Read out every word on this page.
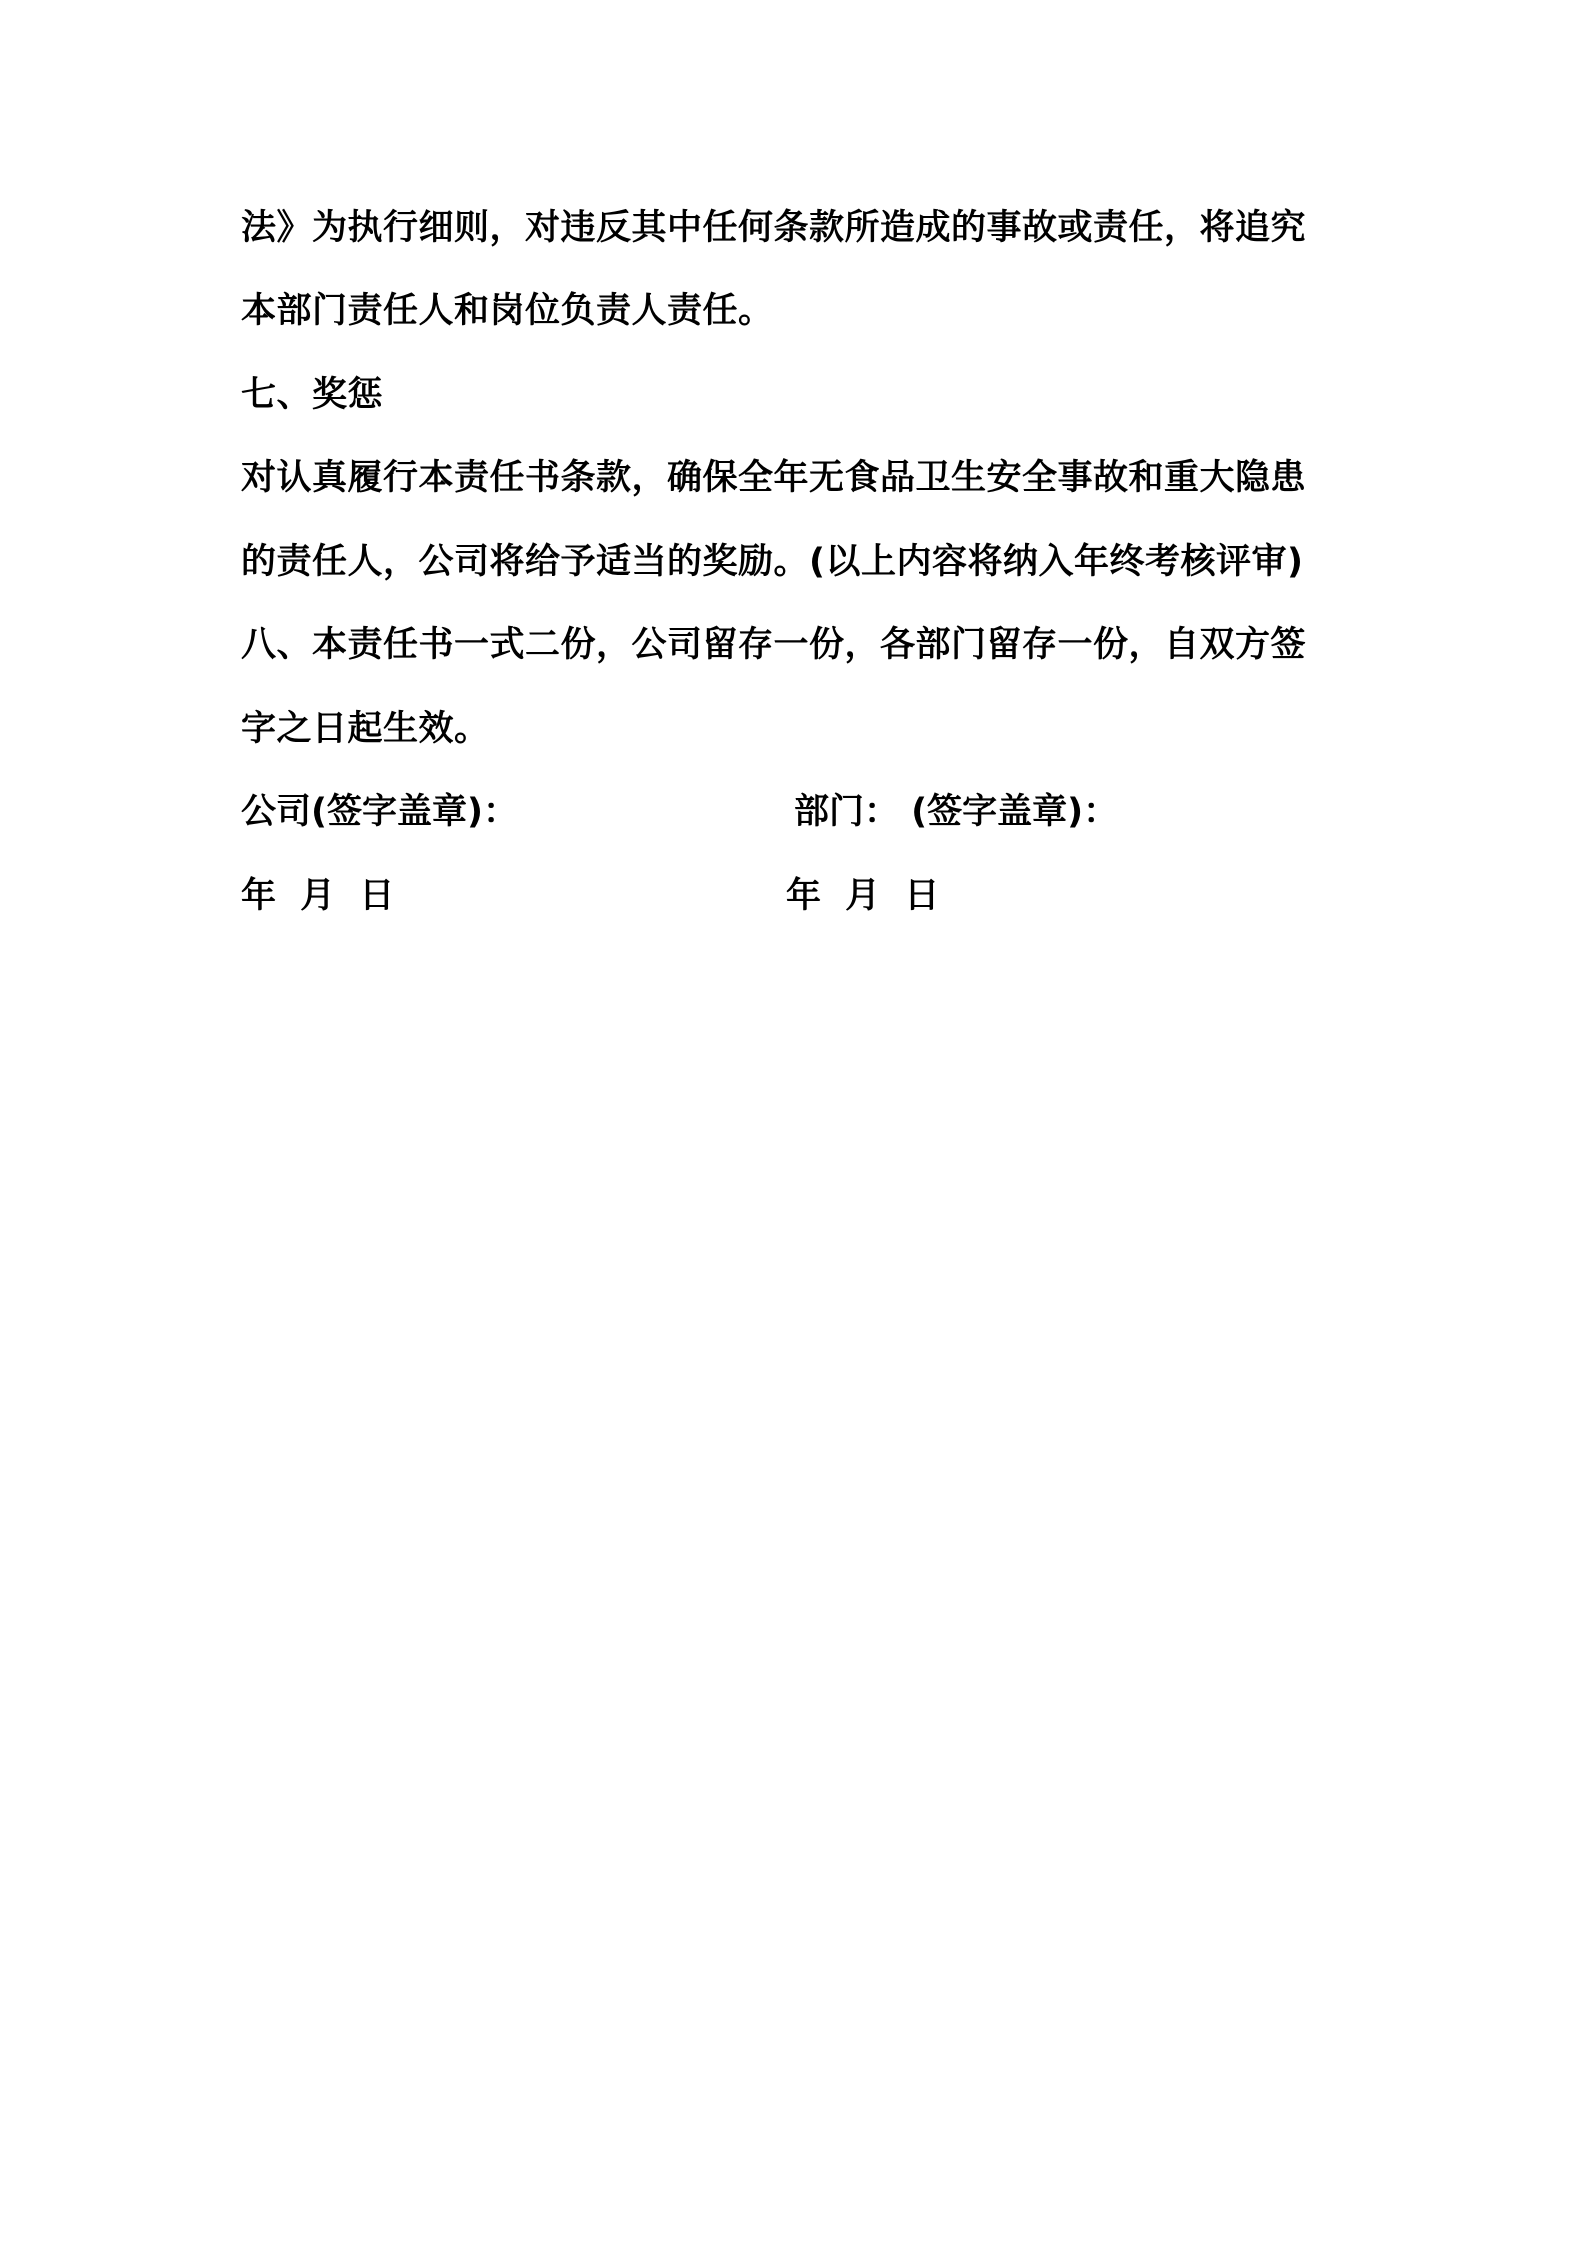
法》为执行细则，对违反其中任何条款所造成的事故或责任，将追究
本部门责任人和岗位负责人责任。
七、奖惩
对认真履行本责任书条款，确保全年无食品卫生安全事故和重大隐患
的责任人，公司将给予适当的奖励。(以上内容将纳入年终考核评审)
八、本责任书一式二份，公司留存一份，各部门留存一份，自双方签
字之日起生效。
公司(签字盖章)：	部门： (签字盖章)：
年 月 日	年 月 日
